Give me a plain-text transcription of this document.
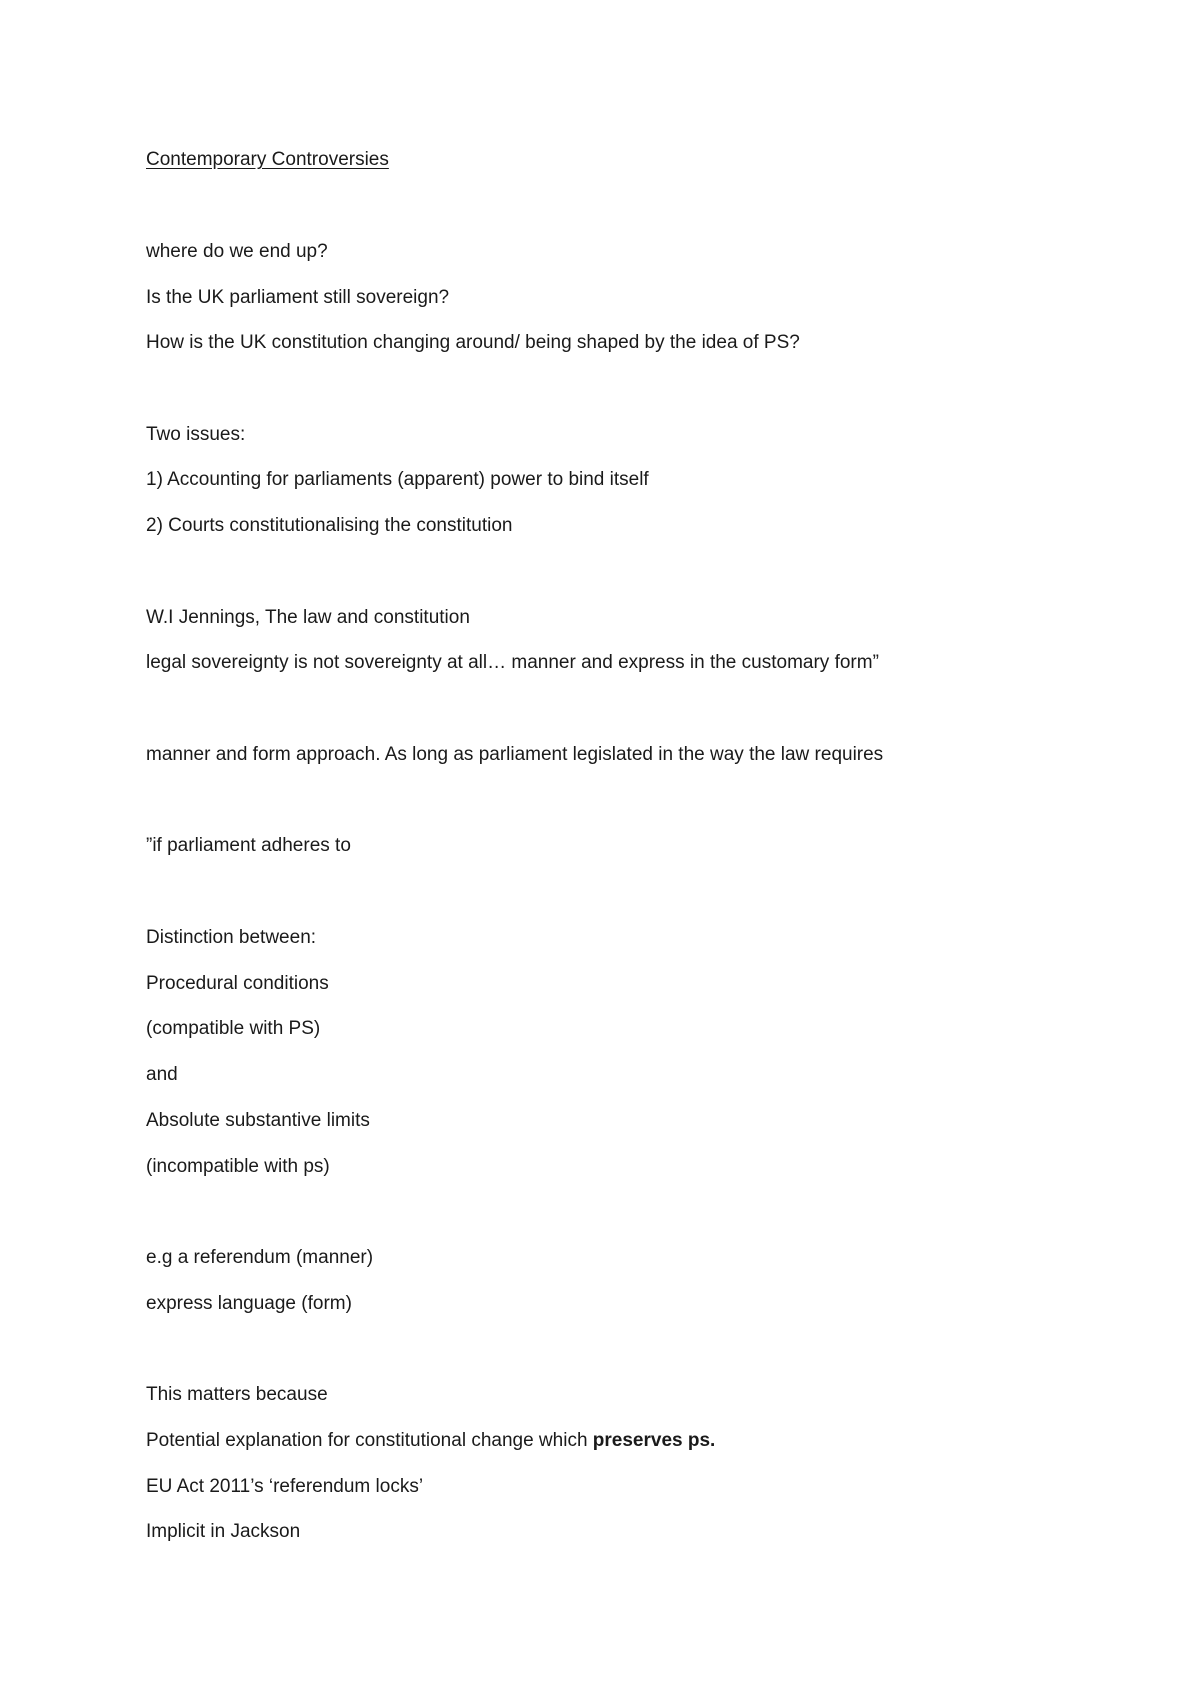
Contemporary Controversies

where do we end up?

Is the UK parliament still sovereign?

How is the UK constitution changing around/ being shaped by the idea of PS?

Two issues:

1) Accounting for parliaments (apparent) power to bind itself

2) Courts constitutionalising the constitution

W.I Jennings, The law and constitution

legal sovereignty is not sovereignty at all… manner and express in the customary form”

manner and form approach. As long as parliament legislated in the way the law requires

”if parliament adheres to

Distinction between:

Procedural conditions

(compatible with PS)

and

Absolute substantive limits

(incompatible with ps)

e.g a referendum (manner)

express language (form)

This matters because

Potential explanation for constitutional change which preserves ps.

EU Act 2011’s ‘referendum locks’

Implicit in Jackson
